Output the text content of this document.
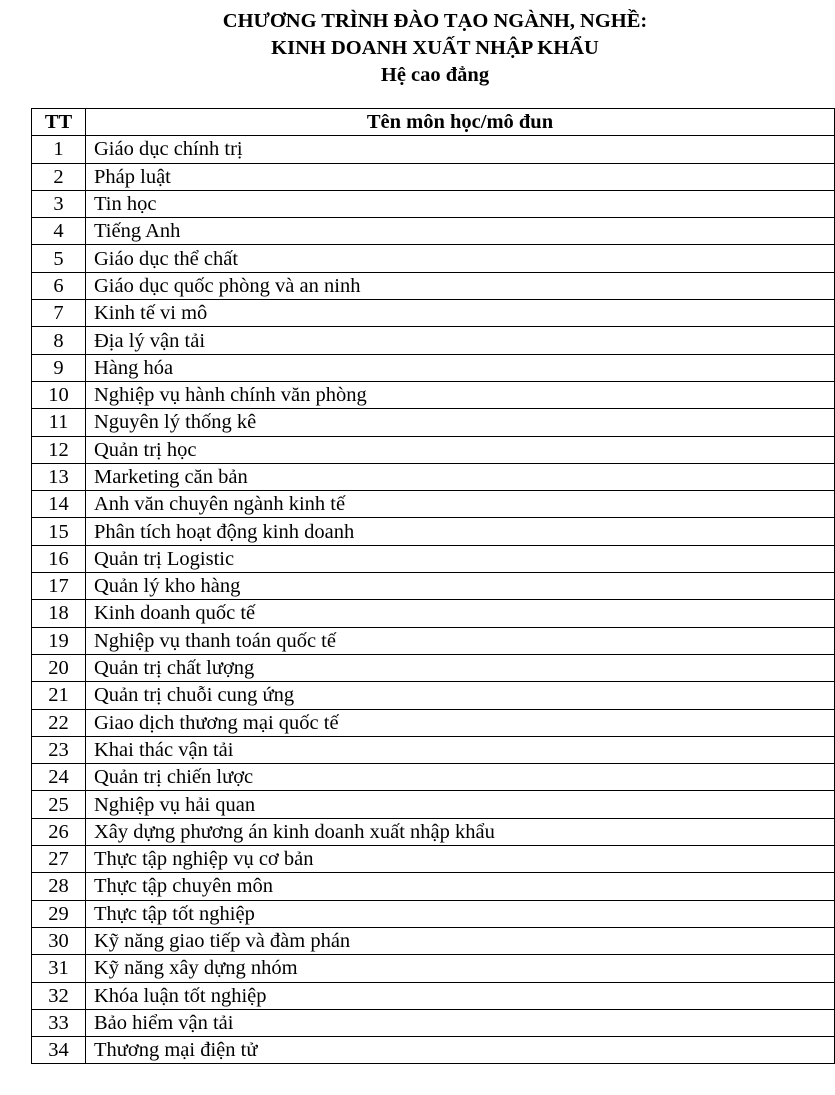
CHƯƠNG TRÌNH ĐÀO TẠO NGÀNH, NGHỀ:
KINH DOANH XUẤT NHẬP KHẨU
Hệ cao đẳng
TT	Tên môn học/mô đun
1	Giáo dục chính trị
2	Pháp luật
3	Tin học
4	Tiếng Anh
5	Giáo dục thể chất
6	Giáo dục quốc phòng và an ninh
7	Kinh tế vi mô
8	Địa lý vận tải
9	Hàng hóa
10	Nghiệp vụ hành chính văn phòng
11	Nguyên lý thống kê
12	Quản trị học
13	Marketing căn bản
14	Anh văn chuyên ngành kinh tế
15	Phân tích hoạt động kinh doanh
16	Quản trị Logistic
17	Quản lý kho hàng
18	Kinh doanh quốc tế
19	Nghiệp vụ thanh toán quốc tế
20	Quản trị chất lượng
21	Quản trị chuỗi cung ứng
22	Giao dịch thương mại quốc tế
23	Khai thác vận tải
24	Quản trị chiến lược
25	Nghiệp vụ hải quan
26	Xây dựng phương án kinh doanh xuất nhập khẩu
27	Thực tập nghiệp vụ cơ bản
28	Thực tập chuyên môn
29	Thực tập tốt nghiệp
30	Kỹ năng giao tiếp và đàm phán
31	Kỹ năng xây dựng nhóm
32	Khóa luận tốt nghiệp
33	Bảo hiểm vận tải
34	Thương mại điện tử
